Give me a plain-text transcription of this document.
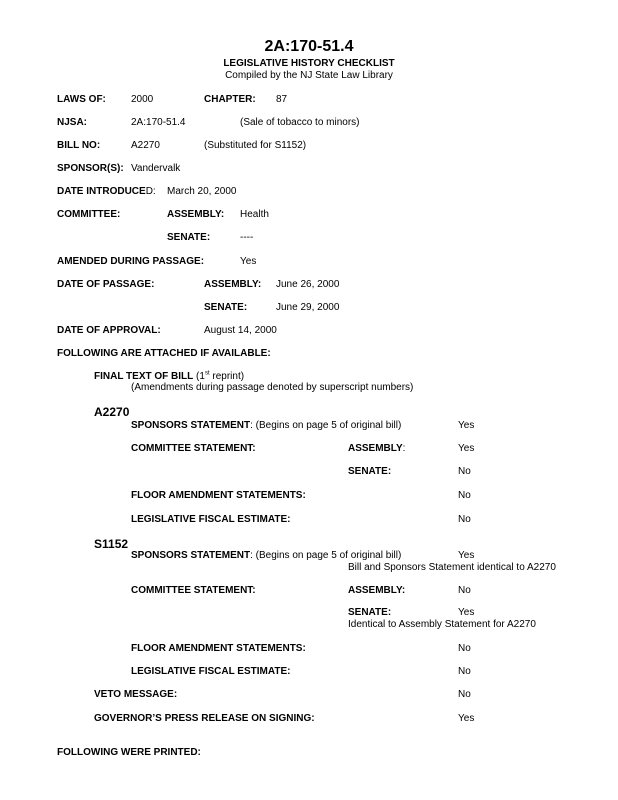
2A:170-51.4
LEGISLATIVE HISTORY CHECKLIST
Compiled by the NJ State Law Library
LAWS OF:	2000	CHAPTER: 87
NJSA:	2A:170-51.4	(Sale of tobacco to minors)
BILL NO:	A2270	(Substituted for S1152)
SPONSOR(S): Vandervalk
DATE INTRODUCED: March 20, 2000
COMMITTEE:	ASSEMBLY: Health
SENATE:	----
AMENDED DURING PASSAGE:	Yes
DATE OF PASSAGE:	ASSEMBLY: June 26, 2000
SENATE:	June 29, 2000
DATE OF APPROVAL:	August 14, 2000
FOLLOWING ARE ATTACHED IF AVAILABLE:
FINAL TEXT OF BILL (1st reprint)
(Amendments during passage denoted by superscript numbers)
A2270
SPONSORS STATEMENT: (Begins on page 5 of original bill)	Yes
COMMITTEE STATEMENT:	ASSEMBLY:	Yes
SENATE:	No
FLOOR AMENDMENT STATEMENTS:	No
LEGISLATIVE FISCAL ESTIMATE:	No
S1152
SPONSORS STATEMENT: (Begins on page 5 of original bill)	Yes
Bill and Sponsors Statement identical to A2270
COMMITTEE STATEMENT:	ASSEMBLY:	No
SENATE:	Yes
Identical to Assembly Statement for A2270
FLOOR AMENDMENT STATEMENTS:	No
LEGISLATIVE FISCAL ESTIMATE:	No
VETO MESSAGE:	No
GOVERNOR’S PRESS RELEASE ON SIGNING:	Yes
FOLLOWING WERE PRINTED:
